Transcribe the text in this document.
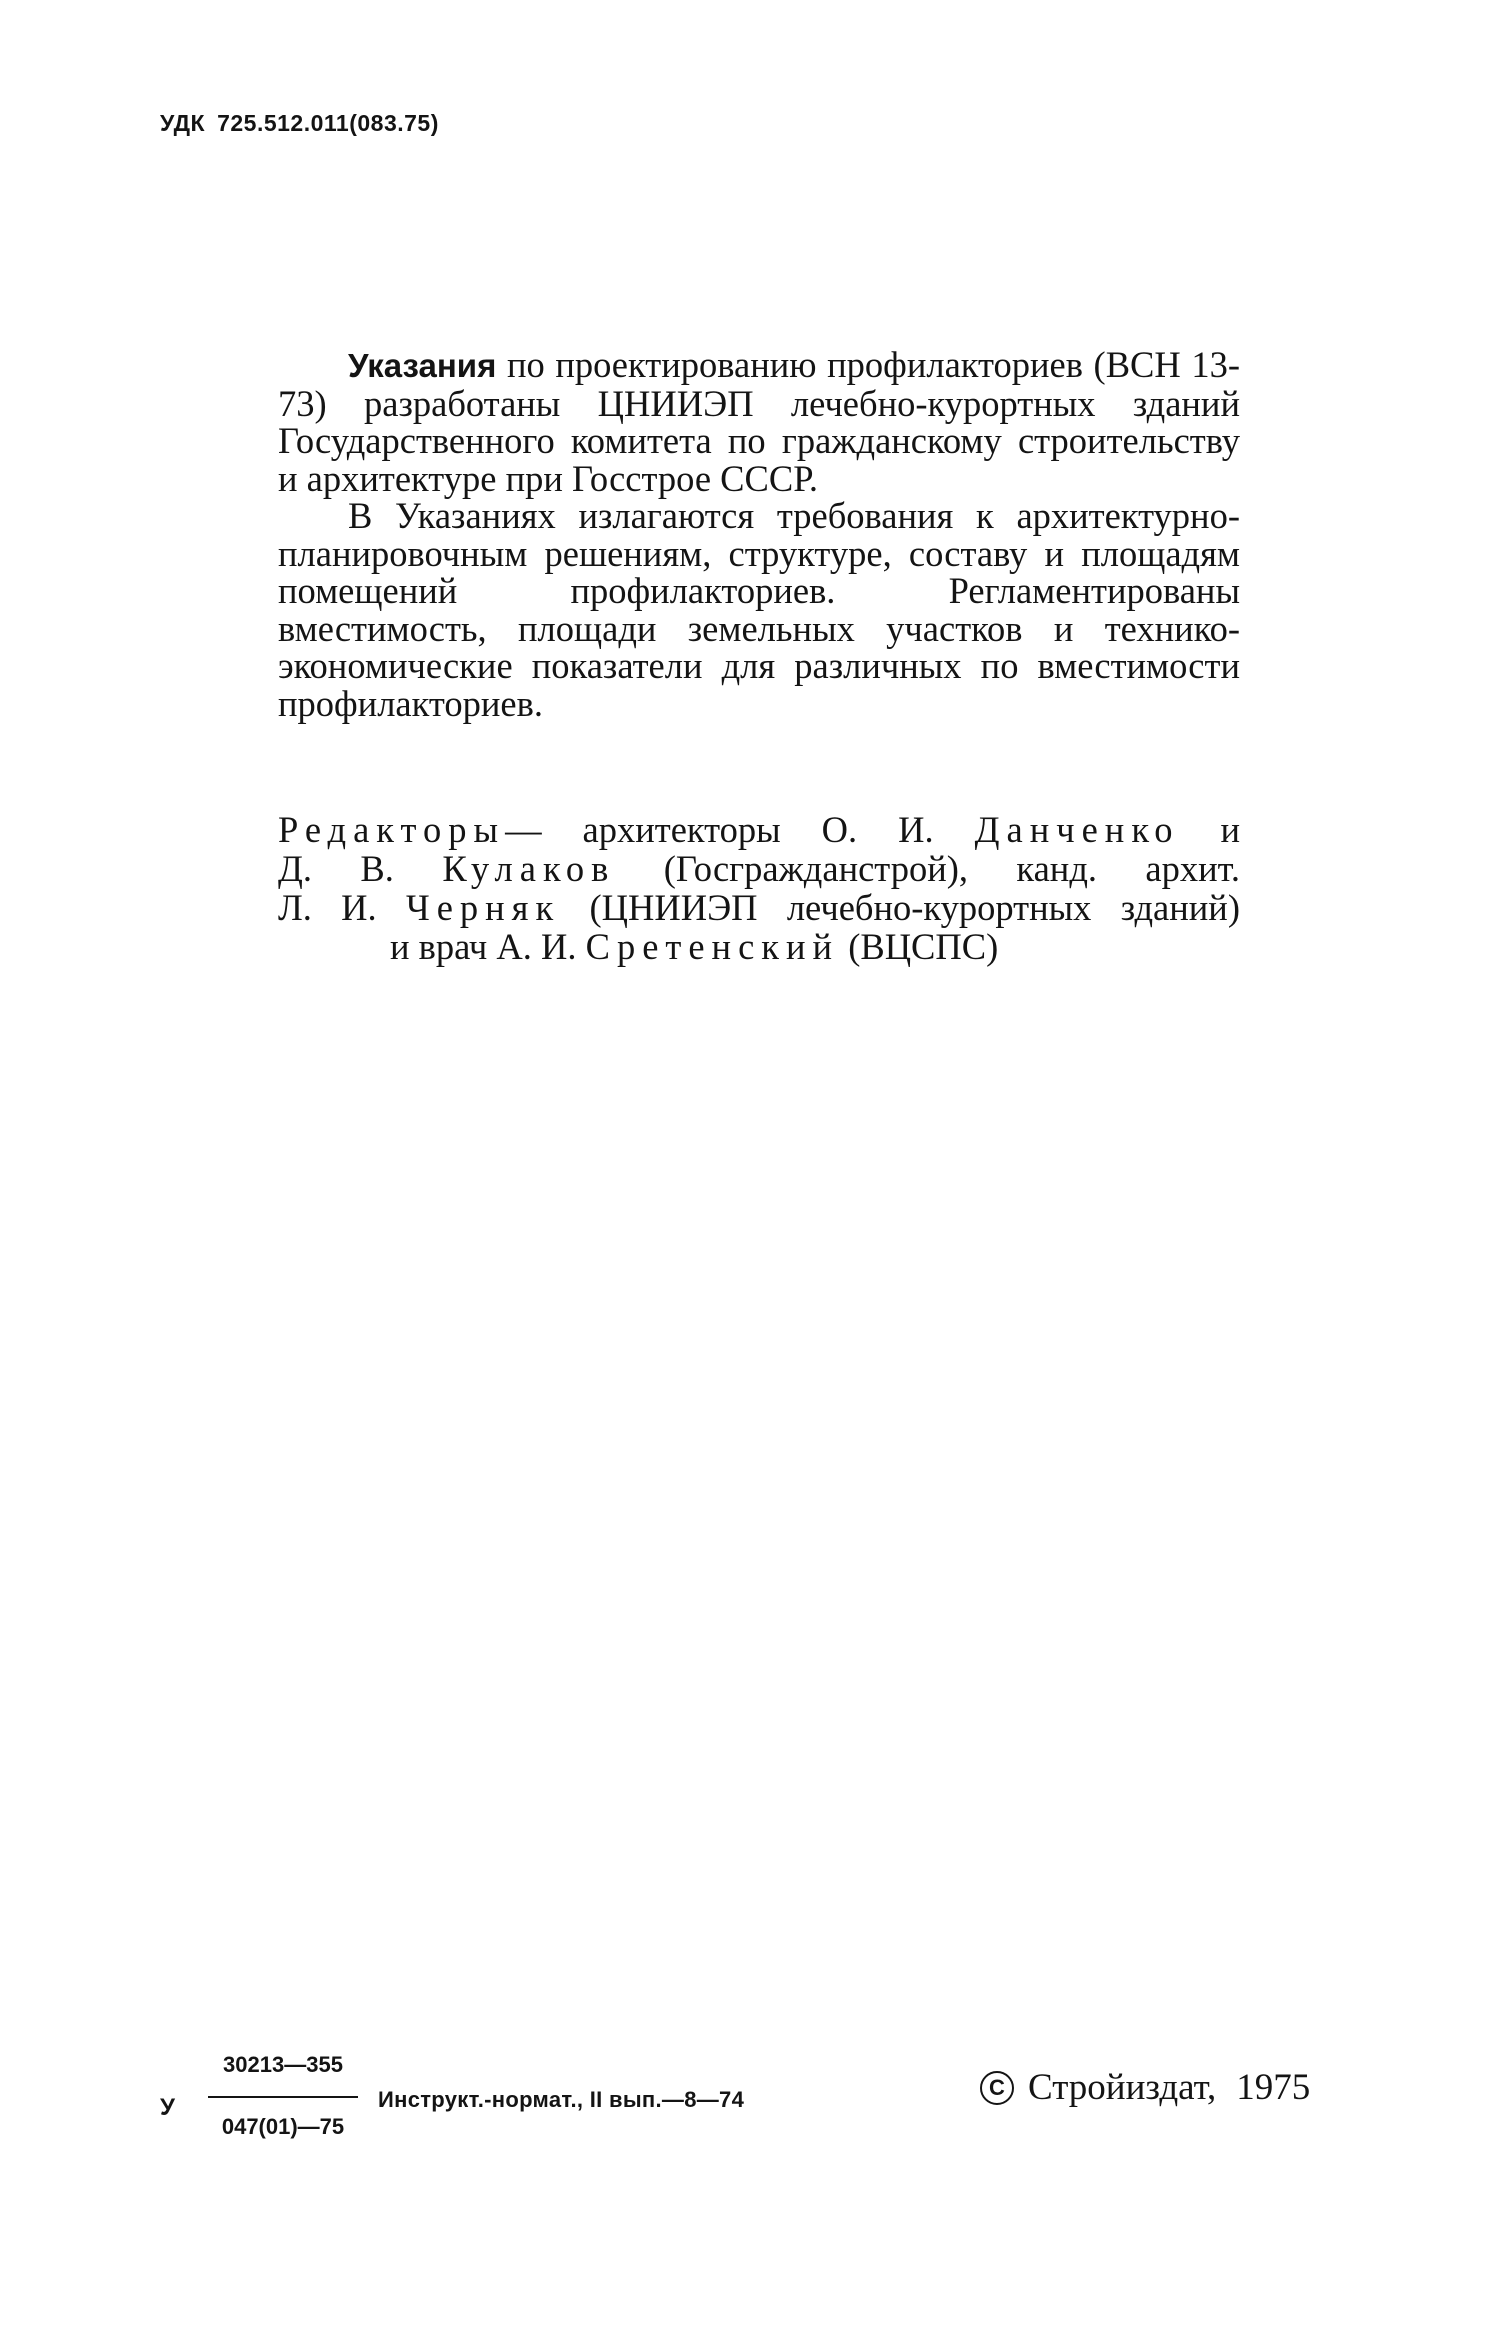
УДК 725.512.011(083.75)

Указания по проектированию профилакториев (ВСН 13-73) разработаны ЦНИИЭП лечебно-курортных зданий Государственного комитета по гражданскому строительству и архитектуре при Госстрое СССР.

В Указаниях излагаются требования к архитектурно-планировочным решениям, структуре, составу и площадям помещений профилакториев. Регламентированы вместимость, площади земельных участков и технико-экономические показатели для различных по вместимости профилакториев.

Редакторы— архитекторы О. И. Данченко и
Д. В. Кулаков (Госгражданстрой), канд. архит.
Л. И. Черняк (ЦНИИЭП лечебно-курортных зданий)
и врач А. И. Сретенский (ВЦСПС)
У
30213—355
047(01)—75
Инструкт.-нормат., II вып.—8—74	C Стройиздат, 1975
